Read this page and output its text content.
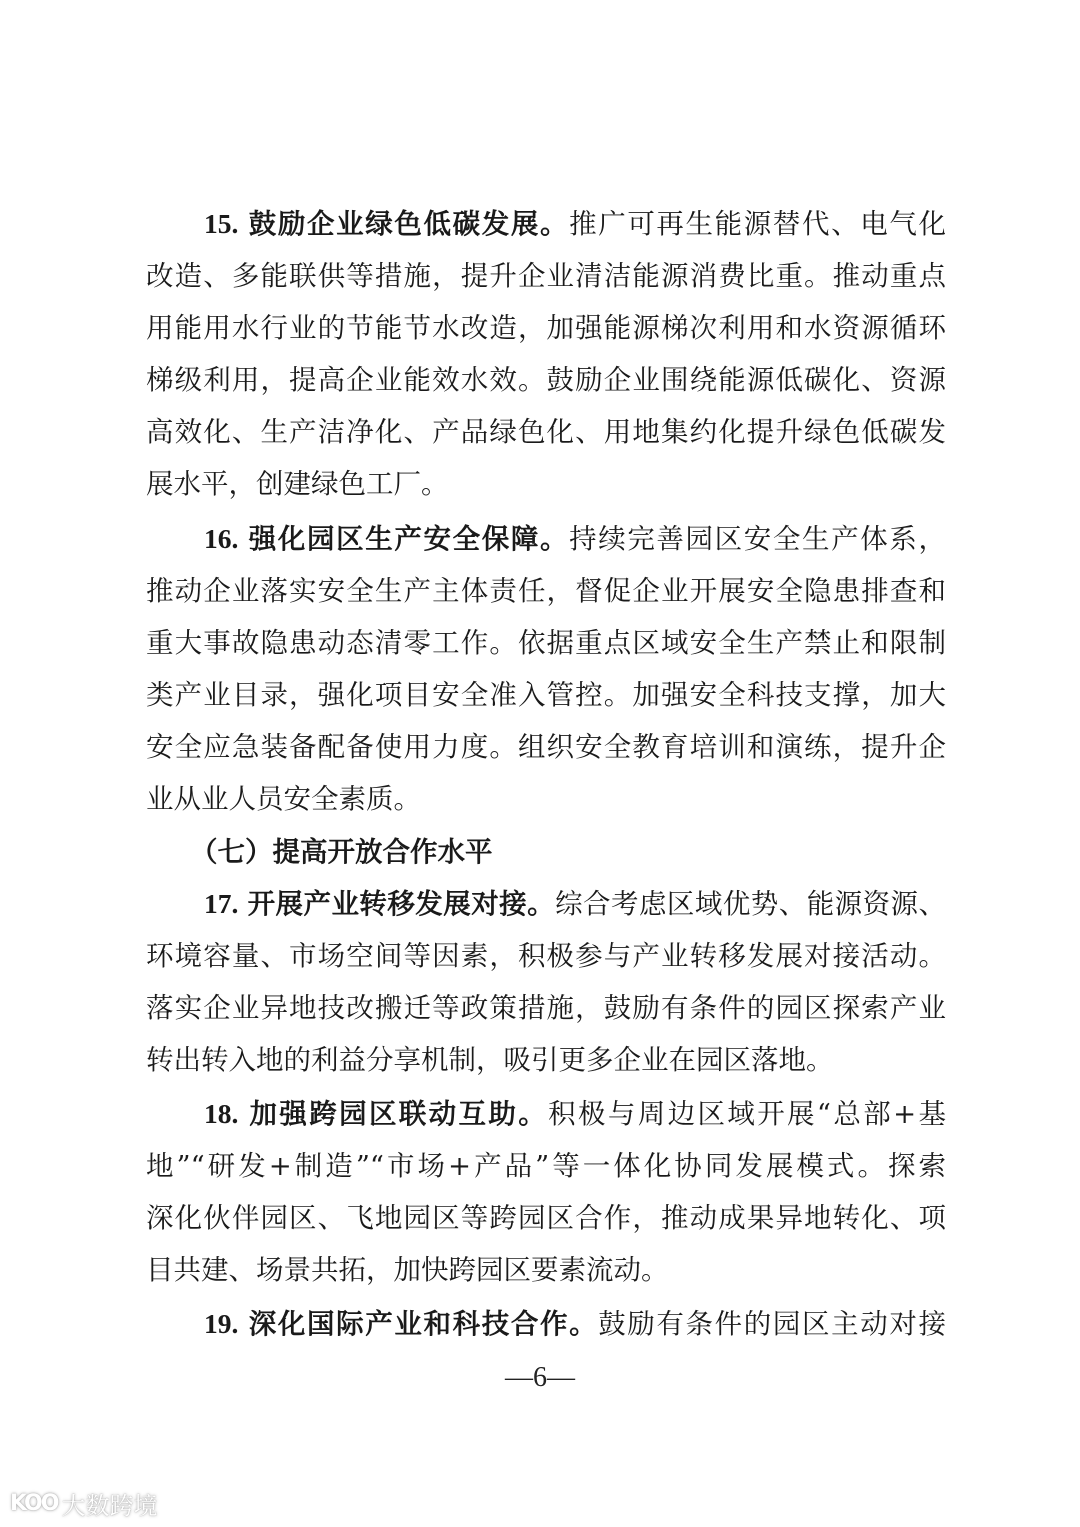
15. 鼓励企业绿色低碳发展。推广可再生能源替代、电气化
改造、多能联供等措施，提升企业清洁能源消费比重。推动重点
用能用水行业的节能节水改造，加强能源梯次利用和水资源循环
梯级利用，提高企业能效水效。鼓励企业围绕能源低碳化、资源
高效化、生产洁净化、产品绿色化、用地集约化提升绿色低碳发
展水平，创建绿色工厂。
16. 强化园区生产安全保障。持续完善园区安全生产体系，
推动企业落实安全生产主体责任，督促企业开展安全隐患排查和
重大事故隐患动态清零工作。依据重点区域安全生产禁止和限制
类产业目录，强化项目安全准入管控。加强安全科技支撑，加大
安全应急装备配备使用力度。组织安全教育培训和演练，提升企
业从业人员安全素质。
（七）提高开放合作水平
17. 开展产业转移发展对接。综合考虑区域优势、能源资源、
环境容量、市场空间等因素，积极参与产业转移发展对接活动。
落实企业异地技改搬迁等政策措施，鼓励有条件的园区探索产业
转出转入地的利益分享机制，吸引更多企业在园区落地。
18. 加强跨园区联动互助。积极与周边区域开展“总部+基
地”“研发+制造”“市场+产品”等一体化协同发展模式。探索
深化伙伴园区、飞地园区等跨园区合作，推动成果异地转化、项
目共建、场景共拓，加快跨园区要素流动。
19. 深化国际产业和科技合作。鼓励有条件的园区主动对接
—6—
KOO 大数跨境
